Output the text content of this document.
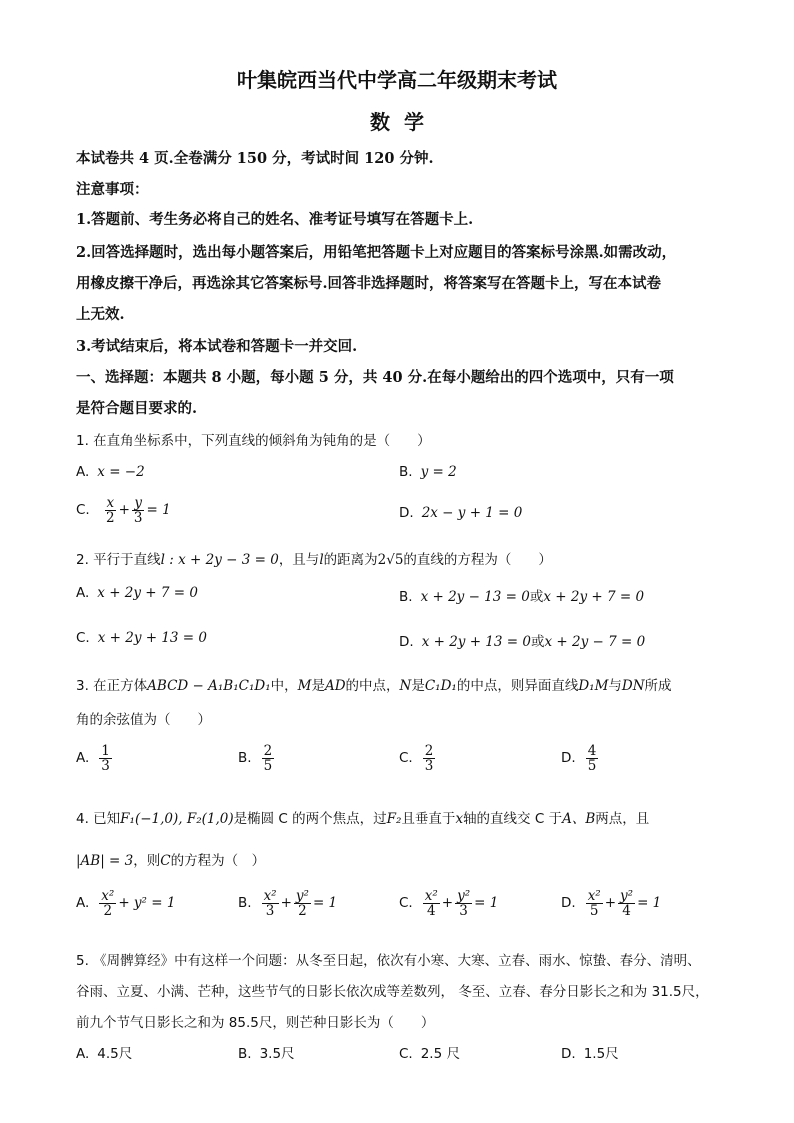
叶集皖西当代中学高二年级期末考试
数  学
本试卷共 4 页.全卷满分 150 分，考试时间 120 分钟.
注意事项：
1.答题前、考生务必将自己的姓名、准考证号填写在答题卡上.
2.回答选择题时，选出每小题答案后，用铅笔把答题卡上对应题目的答案标号涂黑.如需改动，
用橡皮擦干净后，再选涂其它答案标号.回答非选择题时，将答案写在答题卡上，写在本试卷
上无效.
3.考试结束后，将本试卷和答题卡一并交回.
一、选择题：本题共 8 小题，每小题 5 分，共 40 分.在每小题给出的四个选项中，只有一项
是符合题目要求的.
1. 在直角坐标系中，下列直线的倾斜角为钝角的是（　　）
A. x = −2	B. y = 2
C. $\frac{x}{2} + \frac{y}{3} = 1$	D. 2x − y + 1 = 0
2. 平行于直线l : x + 2y − 3 = 0，且与l的距离为2√5的直线的方程为（　　）
A. x + 2y + 7 = 0	B. x + 2y − 13 = 0或x + 2y + 7 = 0
C. x + 2y + 13 = 0	D. x + 2y + 13 = 0或x + 2y − 7 = 0
3. 在正方体ABCD − A₁B₁C₁D₁中，M是AD的中点，N是C₁D₁的中点，则异面直线D₁M与DN所成
角的余弦值为（　　）
A. $\frac{1}{3}$	B. $\frac{2}{5}$	C. $\frac{2}{3}$	D. $\frac{4}{5}$
4. 已知F₁(−1,0), F₂(1,0)是椭圆 C 的两个焦点，过F₂且垂直于x轴的直线交 C 于A、B两点，且
|AB| = 3，则C的方程为（　）
A. $\frac{\text{x²}}{2} + y^2 = 1$	B. $\frac{\text{x²}}{3} + \frac{\text{y²}}{2} = 1$	C. $\frac{\text{x²}}{4} + \frac{\text{y²}}{3} = 1$	D. $\frac{\text{x²}}{5} + \frac{\text{y²}}{4} = 1$
5. 《周髀算经》中有这样一个问题：从冬至日起，依次有小寒、大寒、立春、雨水、惊蛰、春分、清明、
谷雨、立夏、小满、芒种，这些节气的日影长依次成等差数列， 冬至、立春、春分日影长之和为 31.5尺，
前九个节气日影长之和为 85.5尺，则芒种日影长为（　　）
A. 4.5尺	B. 3.5尺	C. 2.5 尺	D. 1.5尺
